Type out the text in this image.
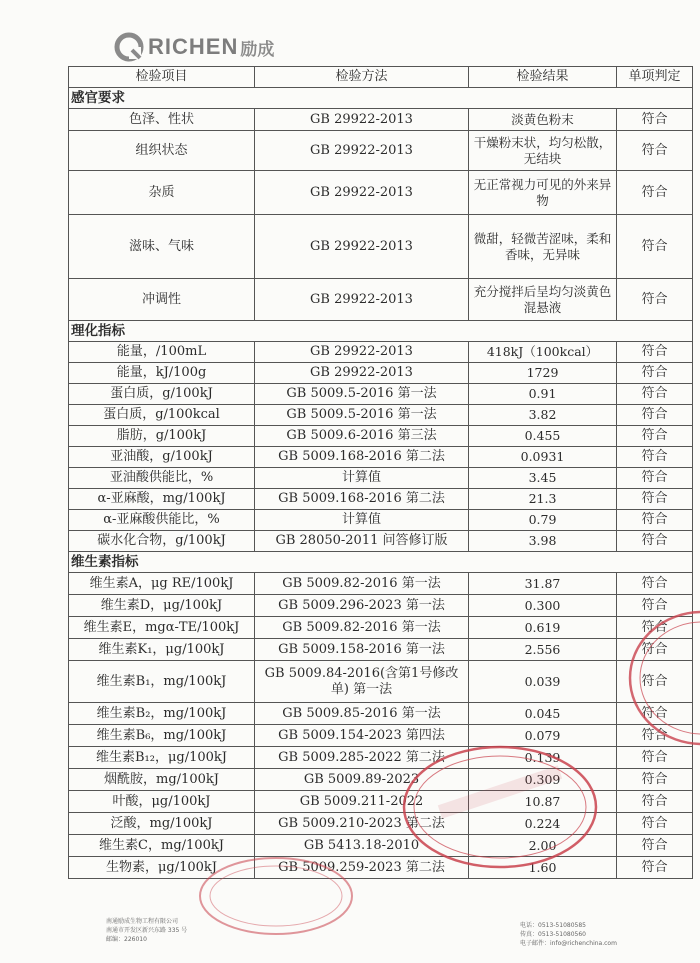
RICHEN 励成
检验项目	检验方法	检验结果	单项判定
感官要求			
色泽、性状	GB 29922-2013	淡黄色粉末	符合
组织状态	GB 29922-2013	干燥粉末状，均匀松散，无结块	符合
杂质	GB 29922-2013	无正常视力可见的外来异物	符合
滋味、气味	GB 29922-2013	微甜，轻微苦涩味，柔和香味，无异味	符合
冲调性	GB 29922-2013	充分搅拌后呈均匀淡黄色混悬液	符合
理化指标			
能量，/100mL	GB 29922-2013	418kJ（100kcal）	符合
能量，kJ/100g	GB 29922-2013	1729	符合
蛋白质，g/100kJ	GB 5009.5-2016 第一法	0.91	符合
蛋白质，g/100kcal	GB 5009.5-2016 第一法	3.82	符合
脂肪，g/100kJ	GB 5009.6-2016 第三法	0.455	符合
亚油酸，g/100kJ	GB 5009.168-2016 第二法	0.0931	符合
亚油酸供能比，%	计算值	3.45	符合
α-亚麻酸，mg/100kJ	GB 5009.168-2016 第二法	21.3	符合
α-亚麻酸供能比，%	计算值	0.79	符合
碳水化合物，g/100kJ	GB 28050-2011 问答修订版	3.98	符合
维生素指标			
维生素A，μg RE/100kJ	GB 5009.82-2016 第一法	31.87	符合
维生素D，μg/100kJ	GB 5009.296-2023 第一法	0.300	符合
维生素E，mgα-TE/100kJ	GB 5009.82-2016 第一法	0.619	符合
维生素K₁，μg/100kJ	GB 5009.158-2016 第一法	2.556	符合
维生素B₁，mg/100kJ	GB 5009.84-2016(含第1号修改单) 第一法	0.039	符合
维生素B₂，mg/100kJ	GB 5009.85-2016 第一法	0.045	符合
维生素B₆，mg/100kJ	GB 5009.154-2023 第四法	0.079	符合
维生素B₁₂，μg/100kJ	GB 5009.285-2022 第二法	0.139	符合
烟酰胺，mg/100kJ	GB 5009.89-2023	0.309	符合
叶酸，μg/100kJ	GB 5009.211-2022	10.87	符合
泛酸，mg/100kJ	GB 5009.210-2023 第二法	0.224	符合
维生素C，mg/100kJ	GB 5413.18-2010	2.00	符合
生物素，μg/100kJ	GB 5009.259-2023 第二法	1.60	符合
南通励成生物工程有限公司
南通市开发区新兴东路 335 号
邮编：226010
电话：0513-51080585
传真：0513-51080560
电子邮件：info@richenchina.com
